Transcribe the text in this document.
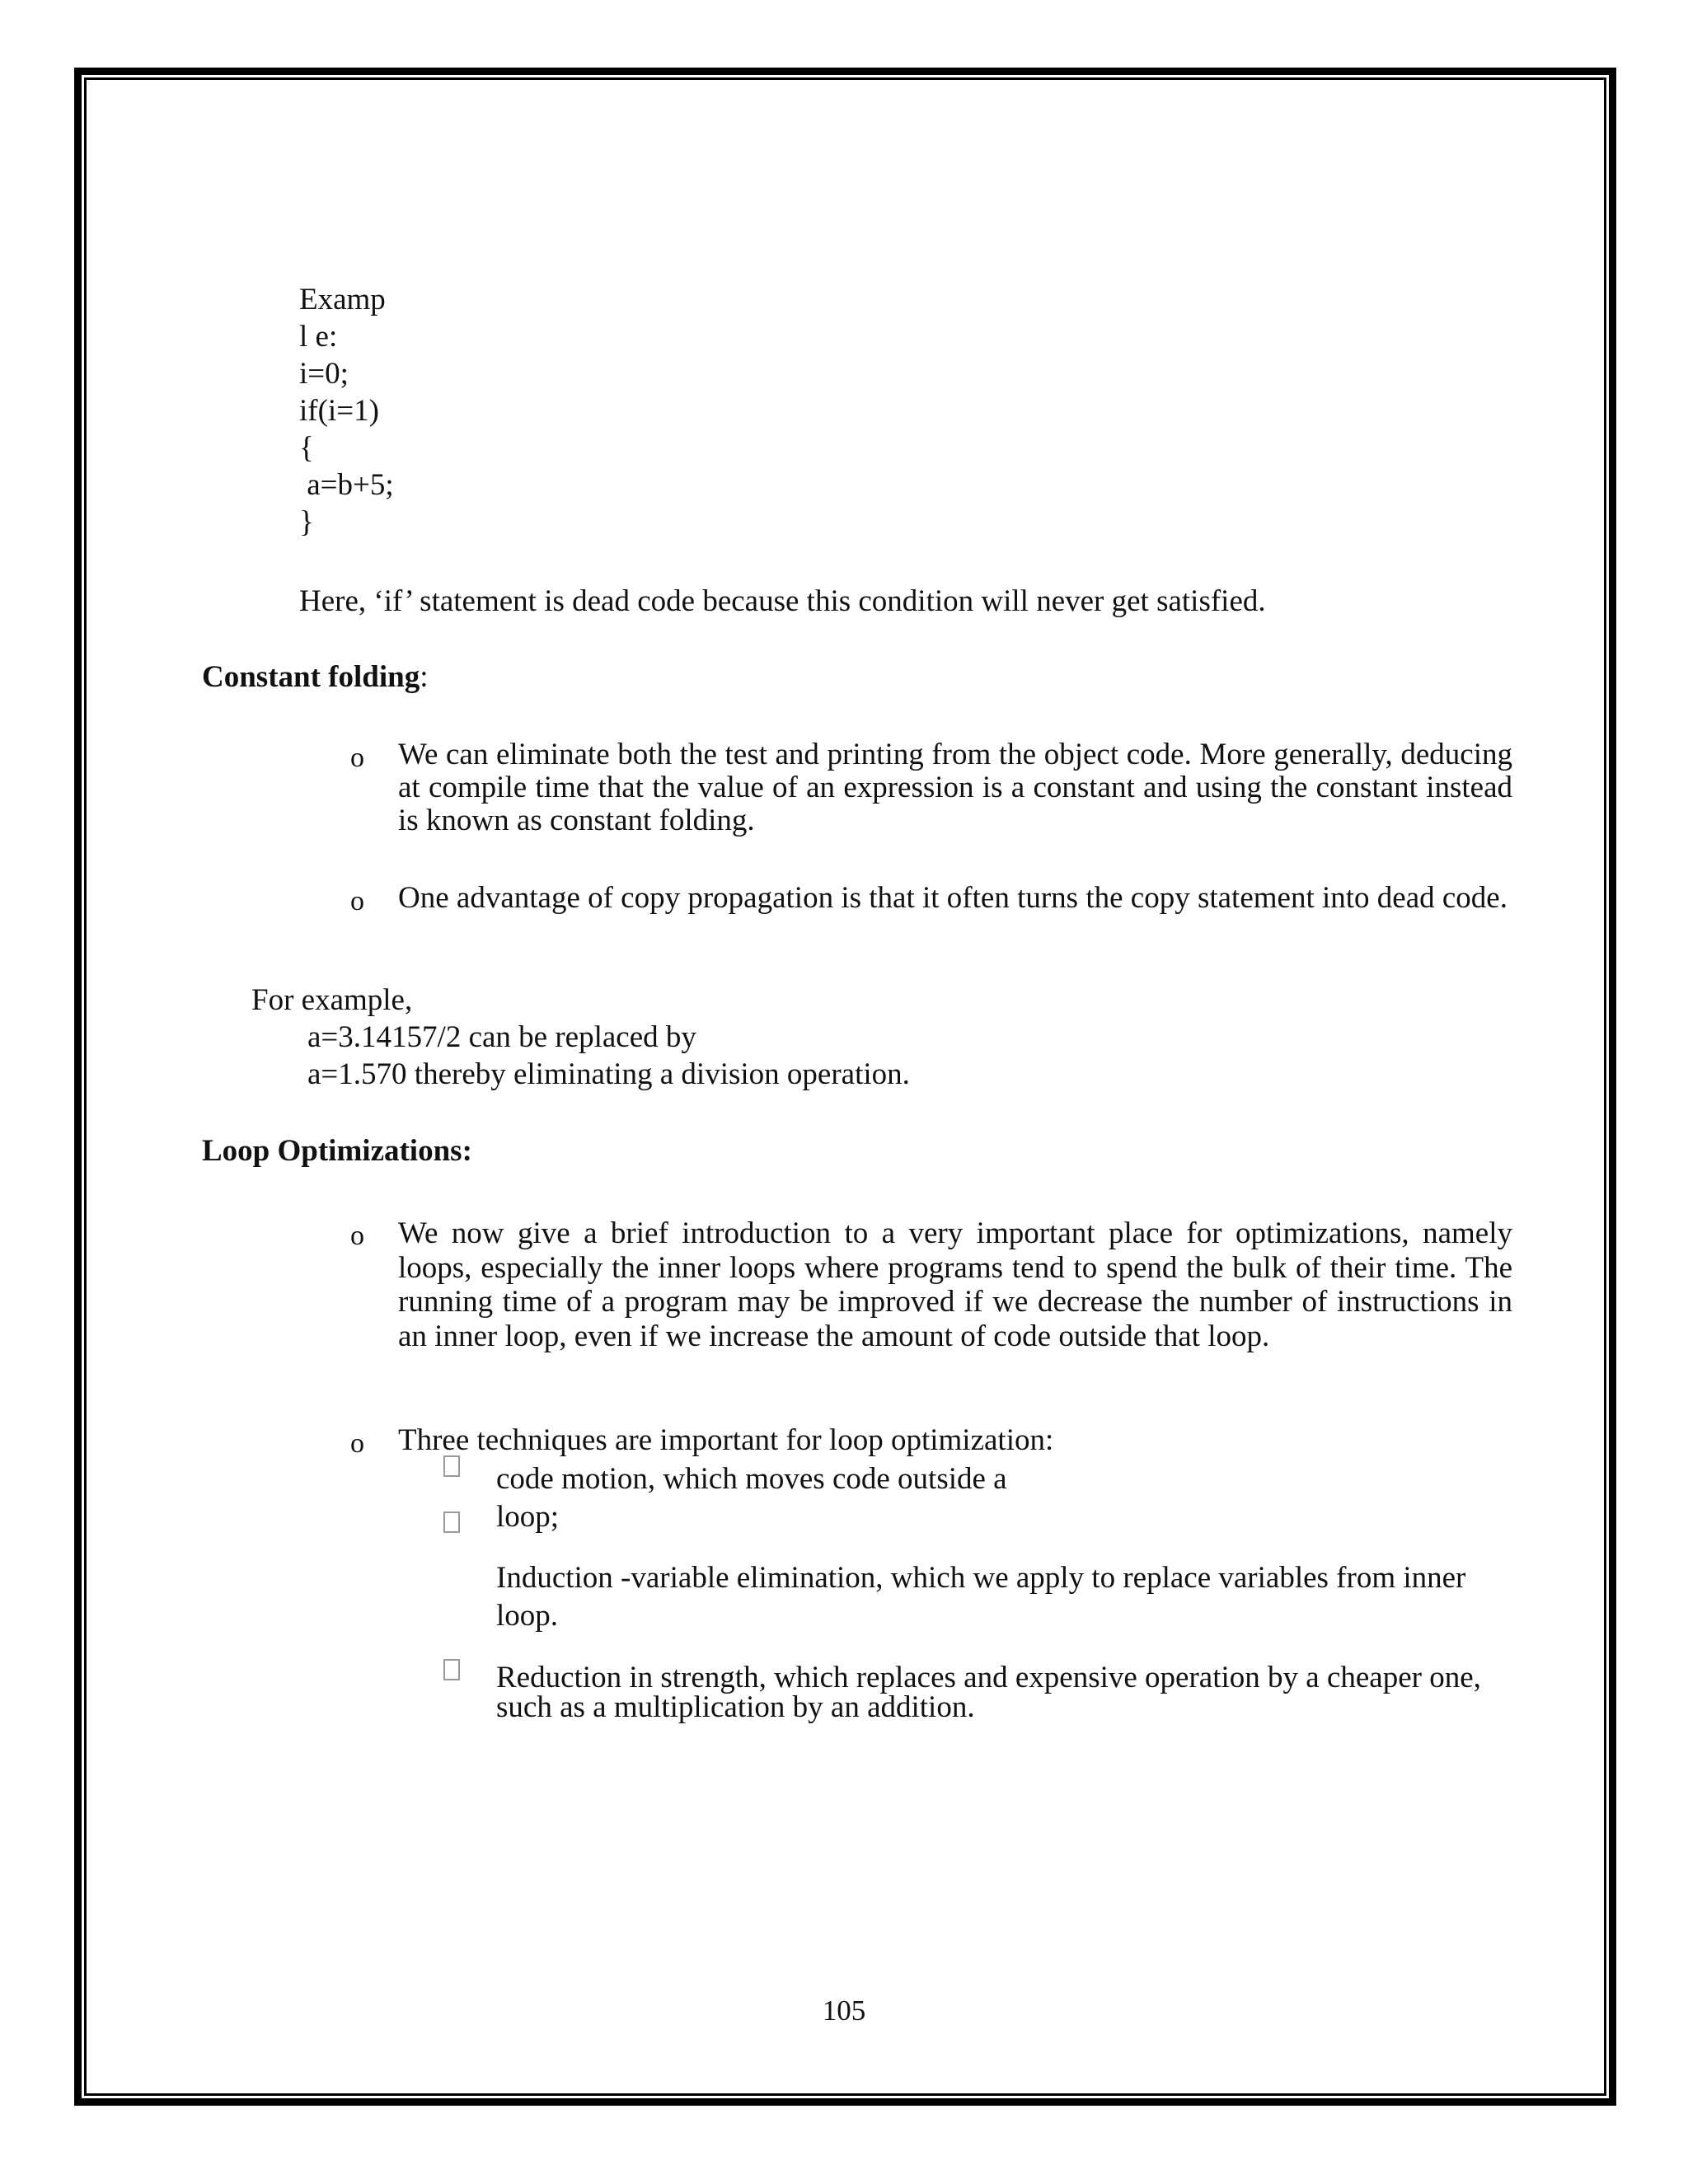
Examp
l e:
i=0;
if(i=1)
{
a=b+5;
}
Here, ‘if’ statement is dead code because this condition will never get satisfied.
Constant folding:
o We can eliminate both the test and printing from the object code. More generally, deducing at compile time that the value of an expression is a constant and using the constant instead is known as constant folding.
o One advantage of copy propagation is that it often turns the copy statement into dead code.
For example,
a=3.14157/2 can be replaced by
a=1.570 thereby eliminating a division operation.
Loop Optimizations:
o We now give a brief introduction to a very important place for optimizations, namely loops, especially the inner loops where programs tend to spend the bulk of their time. The running time of a program may be improved if we decrease the number of instructions in an inner loop, even if we increase the amount of code outside that loop.
o Three techniques are important for loop optimization:
code motion, which moves code outside a
loop;
Induction -variable elimination, which we apply to replace variables from inner
loop.
Reduction in strength, which replaces and expensive operation by a cheaper one, such as a multiplication by an addition.
105
